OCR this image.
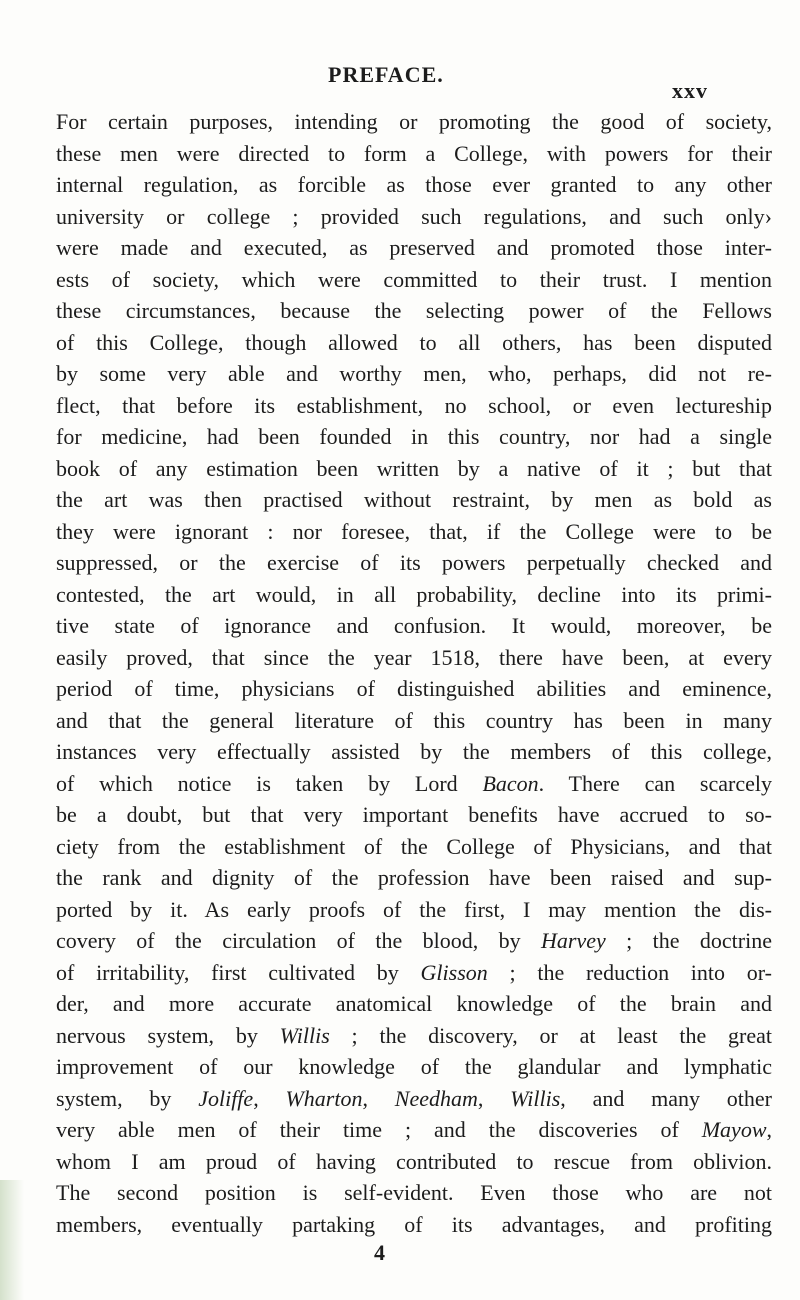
PREFACE.
xxv
For certain purposes, intending or promoting the good of society,
these men were directed to form a College, with powers for their
internal regulation, as forcible as those ever granted to any other
university or college ; provided such regulations, and such only›
were made and executed, as preserved and promoted those inter-
ests of society, which were committed to their trust. I mention
these circumstances, because the selecting power of the Fellows
of this College, though allowed to all others, has been disputed
by some very able and worthy men, who, perhaps, did not re-
flect, that before its establishment, no school, or even lectureship
for medicine, had been founded in this country, nor had a single
book of any estimation been written by a native of it ; but that
the art was then practised without restraint, by men as bold as
they were ignorant : nor foresee, that, if the College were to be
suppressed, or the exercise of its powers perpetually checked and
contested, the art would, in all probability, decline into its primi-
tive state of ignorance and confusion. It would, moreover, be
easily proved, that since the year 1518, there have been, at every
period of time, physicians of distinguished abilities and eminence,
and that the general literature of this country has been in many
instances very effectually assisted by the members of this college,
of which notice is taken by Lord Bacon. There can scarcely
be a doubt, but that very important benefits have accrued to so-
ciety from the establishment of the College of Physicians, and that
the rank and dignity of the profession have been raised and sup-
ported by it. As early proofs of the first, I may mention the dis-
covery of the circulation of the blood, by Harvey ; the doctrine
of irritability, first cultivated by Glisson ; the reduction into or-
der, and more accurate anatomical knowledge of the brain and
nervous system, by Willis ; the discovery, or at least the great
improvement of our knowledge of the glandular and lymphatic
system, by Joliffe, Wharton, Needham, Willis, and many other
very able men of their time ; and the discoveries of Mayow,
whom I am proud of having contributed to rescue from oblivion.
The second position is self-evident. Even those who are not
members, eventually partaking of its advantages, and profiting
4
